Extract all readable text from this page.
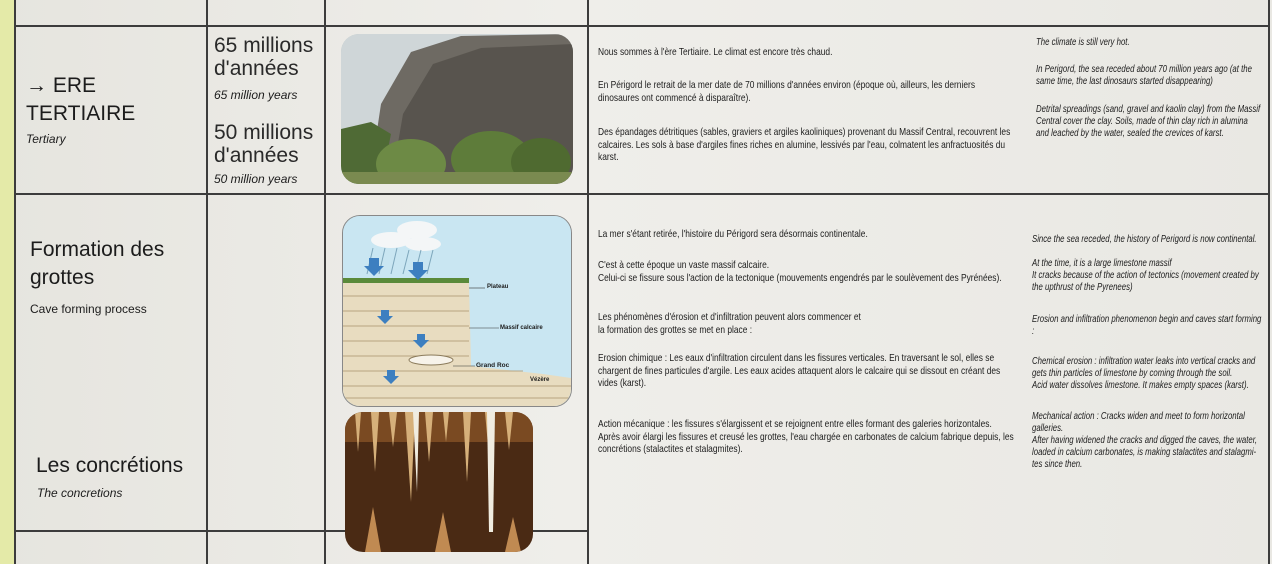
→ ERE
TERTIAIRE
Tertiary
65 millions
d'années
65 million years
50 millions
d'années
50 million years
Nous sommes à l'ère Tertiaire. Le climat est encore très chaud.
En Périgord le retrait de la mer date de 70 millions d'années environ (époque où, ailleurs, les derniers dinosaures ont commencé à disparaître).
Des épandages détritiques (sables, graviers et argiles kaoliniques) provenant du Massif Central, recouvrent les calcaires. Les sols à base d'argiles fines riches en alumine, lessivés par l'eau, colmatent les anfractuosités du karst.
The climate is still very hot.
In Perigord, the sea receded about 70 million years ago (at the same time, the last dinosaurs started disappearing)
Detrital spreadings (sand, gravel and kaolin clay) from the Massif Central cover the clay. Soils, made of thin clay rich in alumina and leached by the water, sealed the crevices of karst.
Formation des
grottes
Cave forming process
Plateau
Massif calcaire
Grand Roc
Vézère
La mer s'étant retirée, l'histoire du Périgord sera désormais continentale.
C'est à cette époque un vaste massif calcaire.
Celui-ci se fissure sous l'action de la tectonique (mouvements engendrés par le soulèvement des Pyrénées).
Les phénomènes d'érosion et d'infiltration peuvent alors commencer et
la formation des grottes se met en place :
Erosion chimique : Les eaux d'infiltration circulent dans les fissures verticales. En traversant le sol, elles se chargent de fines particules d'argile. Les eaux acides attaquent alors le calcaire qui se dissout en créant des vides (karst).
Action mécanique : les fissures s'élargissent et se rejoignent entre elles formant des galeries horizontales.
Après avoir élargi les fissures et creusé les grottes, l'eau chargée en carbonates de calcium fabrique depuis, les concrétions (stalactites et stalagmites).
Since the sea receded, the history of Perigord is now continental.
At the time, it is a large limestone massif
It cracks because of the action of tectonics (movement created by the upthrust of the Pyrenees)
Erosion and infiltration phenomenon begin and caves start forming :
Chemical erosion : infiltration water leaks into vertical cracks and gets thin particles of limestone by coming through the soil.
Acid water dissolves limestone. It makes empty spaces (karst).
Mechanical action : Cracks widen and meet to form horizontal galleries.
After having widened the cracks and digged the caves, the water, loaded in calcium carbonates, is making stalactites and stalagmi-tes since then.
Les concrétions
The concretions
